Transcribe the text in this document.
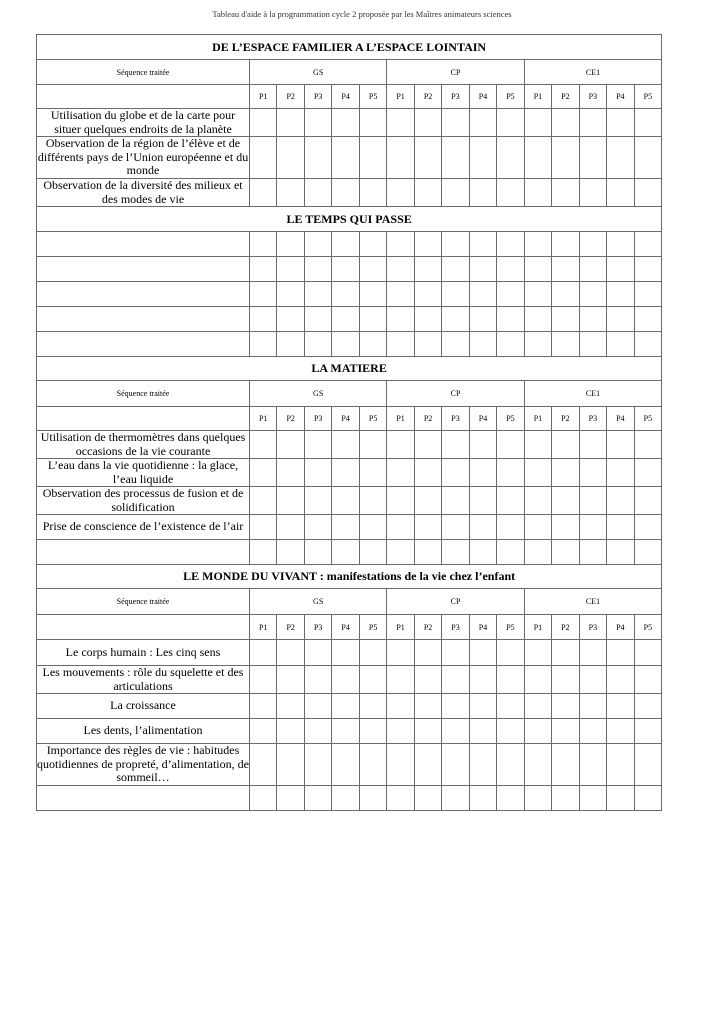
Tableau d'aide à la programmation cycle 2 proposée par les Maîtres animateurs sciences
DE L’ESPACE FAMILIER A L’ESPACE LOINTAIN															
Séquence traitée	GS					CP					CE1				
	P1	P2	P3	P4	P5	P1	P2	P3	P4	P5	P1	P2	P3	P4	P5
Utilisation du globe et de la carte pour situer quelques endroits de la planète															
Observation de la région de l’élève et de différents pays de l’Union européenne et du monde															
Observation de la diversité des milieux et des modes de vie															
LE TEMPS QUI PASSE															

LA MATIERE															
Séquence traitée	GS					CP					CE1				
	P1	P2	P3	P4	P5	P1	P2	P3	P4	P5	P1	P2	P3	P4	P5
Utilisation de thermomètres dans quelques occasions de la vie courante															
L’eau dans la vie quotidienne : la glace, l’eau liquide															
Observation des processus de fusion et de solidification															
Prise de conscience de l’existence de l’air															

LE MONDE DU VIVANT : manifestations de la vie chez l’enfant															
Séquence traitée	GS					CP					CE1				
	P1	P2	P3	P4	P5	P1	P2	P3	P4	P5	P1	P2	P3	P4	P5
Le corps humain : Les cinq sens															
Les mouvements : rôle du squelette et des articulations															
La croissance															
Les dents, l’alimentation															
Importance des règles de vie : habitudes quotidiennes de propreté, d’alimentation, de sommeil…															
